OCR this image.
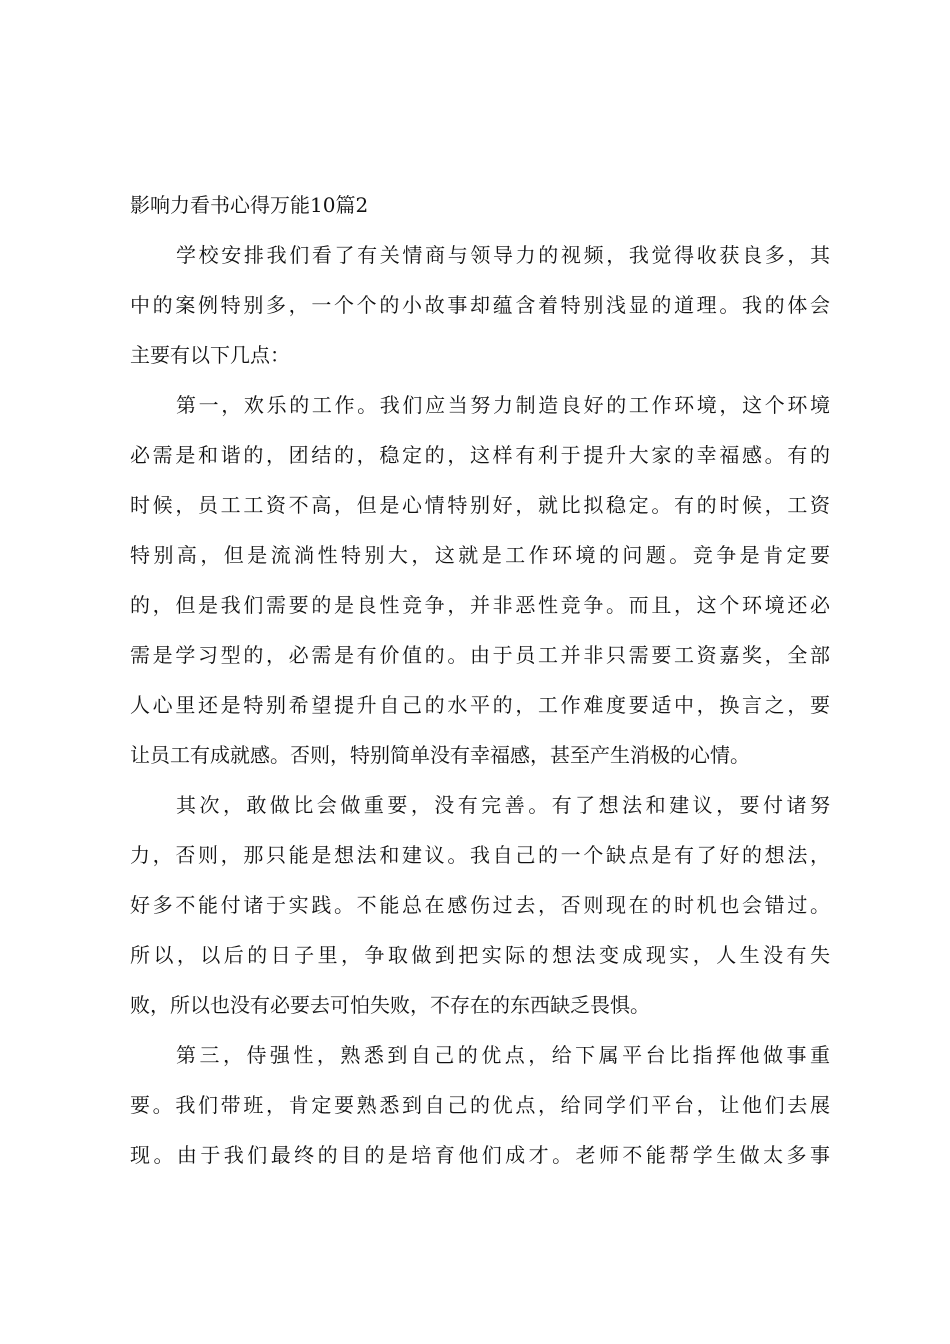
影响力看书心得万能10篇2
学校安排我们看了有关情商与领导力的视频，我觉得收获良多，其
中的案例特别多，一个个的小故事却蕴含着特别浅显的道理。我的体会
主要有以下几点：
第一，欢乐的工作。我们应当努力制造良好的工作环境，这个环境
必需是和谐的，团结的，稳定的，这样有利于提升大家的幸福感。有的
时候，员工工资不高，但是心情特别好，就比拟稳定。有的时候，工资
特别高，但是流淌性特别大，这就是工作环境的问题。竞争是肯定要
的，但是我们需要的是良性竞争，并非恶性竞争。而且，这个环境还必
需是学习型的，必需是有价值的。由于员工并非只需要工资嘉奖，全部
人心里还是特别希望提升自己的水平的，工作难度要适中，换言之，要
让员工有成就感。否则，特别简单没有幸福感，甚至产生消极的心情。
其次，敢做比会做重要，没有完善。有了想法和建议，要付诸努
力，否则，那只能是想法和建议。我自己的一个缺点是有了好的想法，
好多不能付诸于实践。不能总在感伤过去，否则现在的时机也会错过。
所以，以后的日子里，争取做到把实际的想法变成现实，人生没有失
败，所以也没有必要去可怕失败，不存在的东西缺乏畏惧。
第三，侍强性，熟悉到自己的优点，给下属平台比指挥他做事重
要。我们带班，肯定要熟悉到自己的优点，给同学们平台，让他们去展
现。由于我们最终的目的是培育他们成才。老师不能帮学生做太多事
